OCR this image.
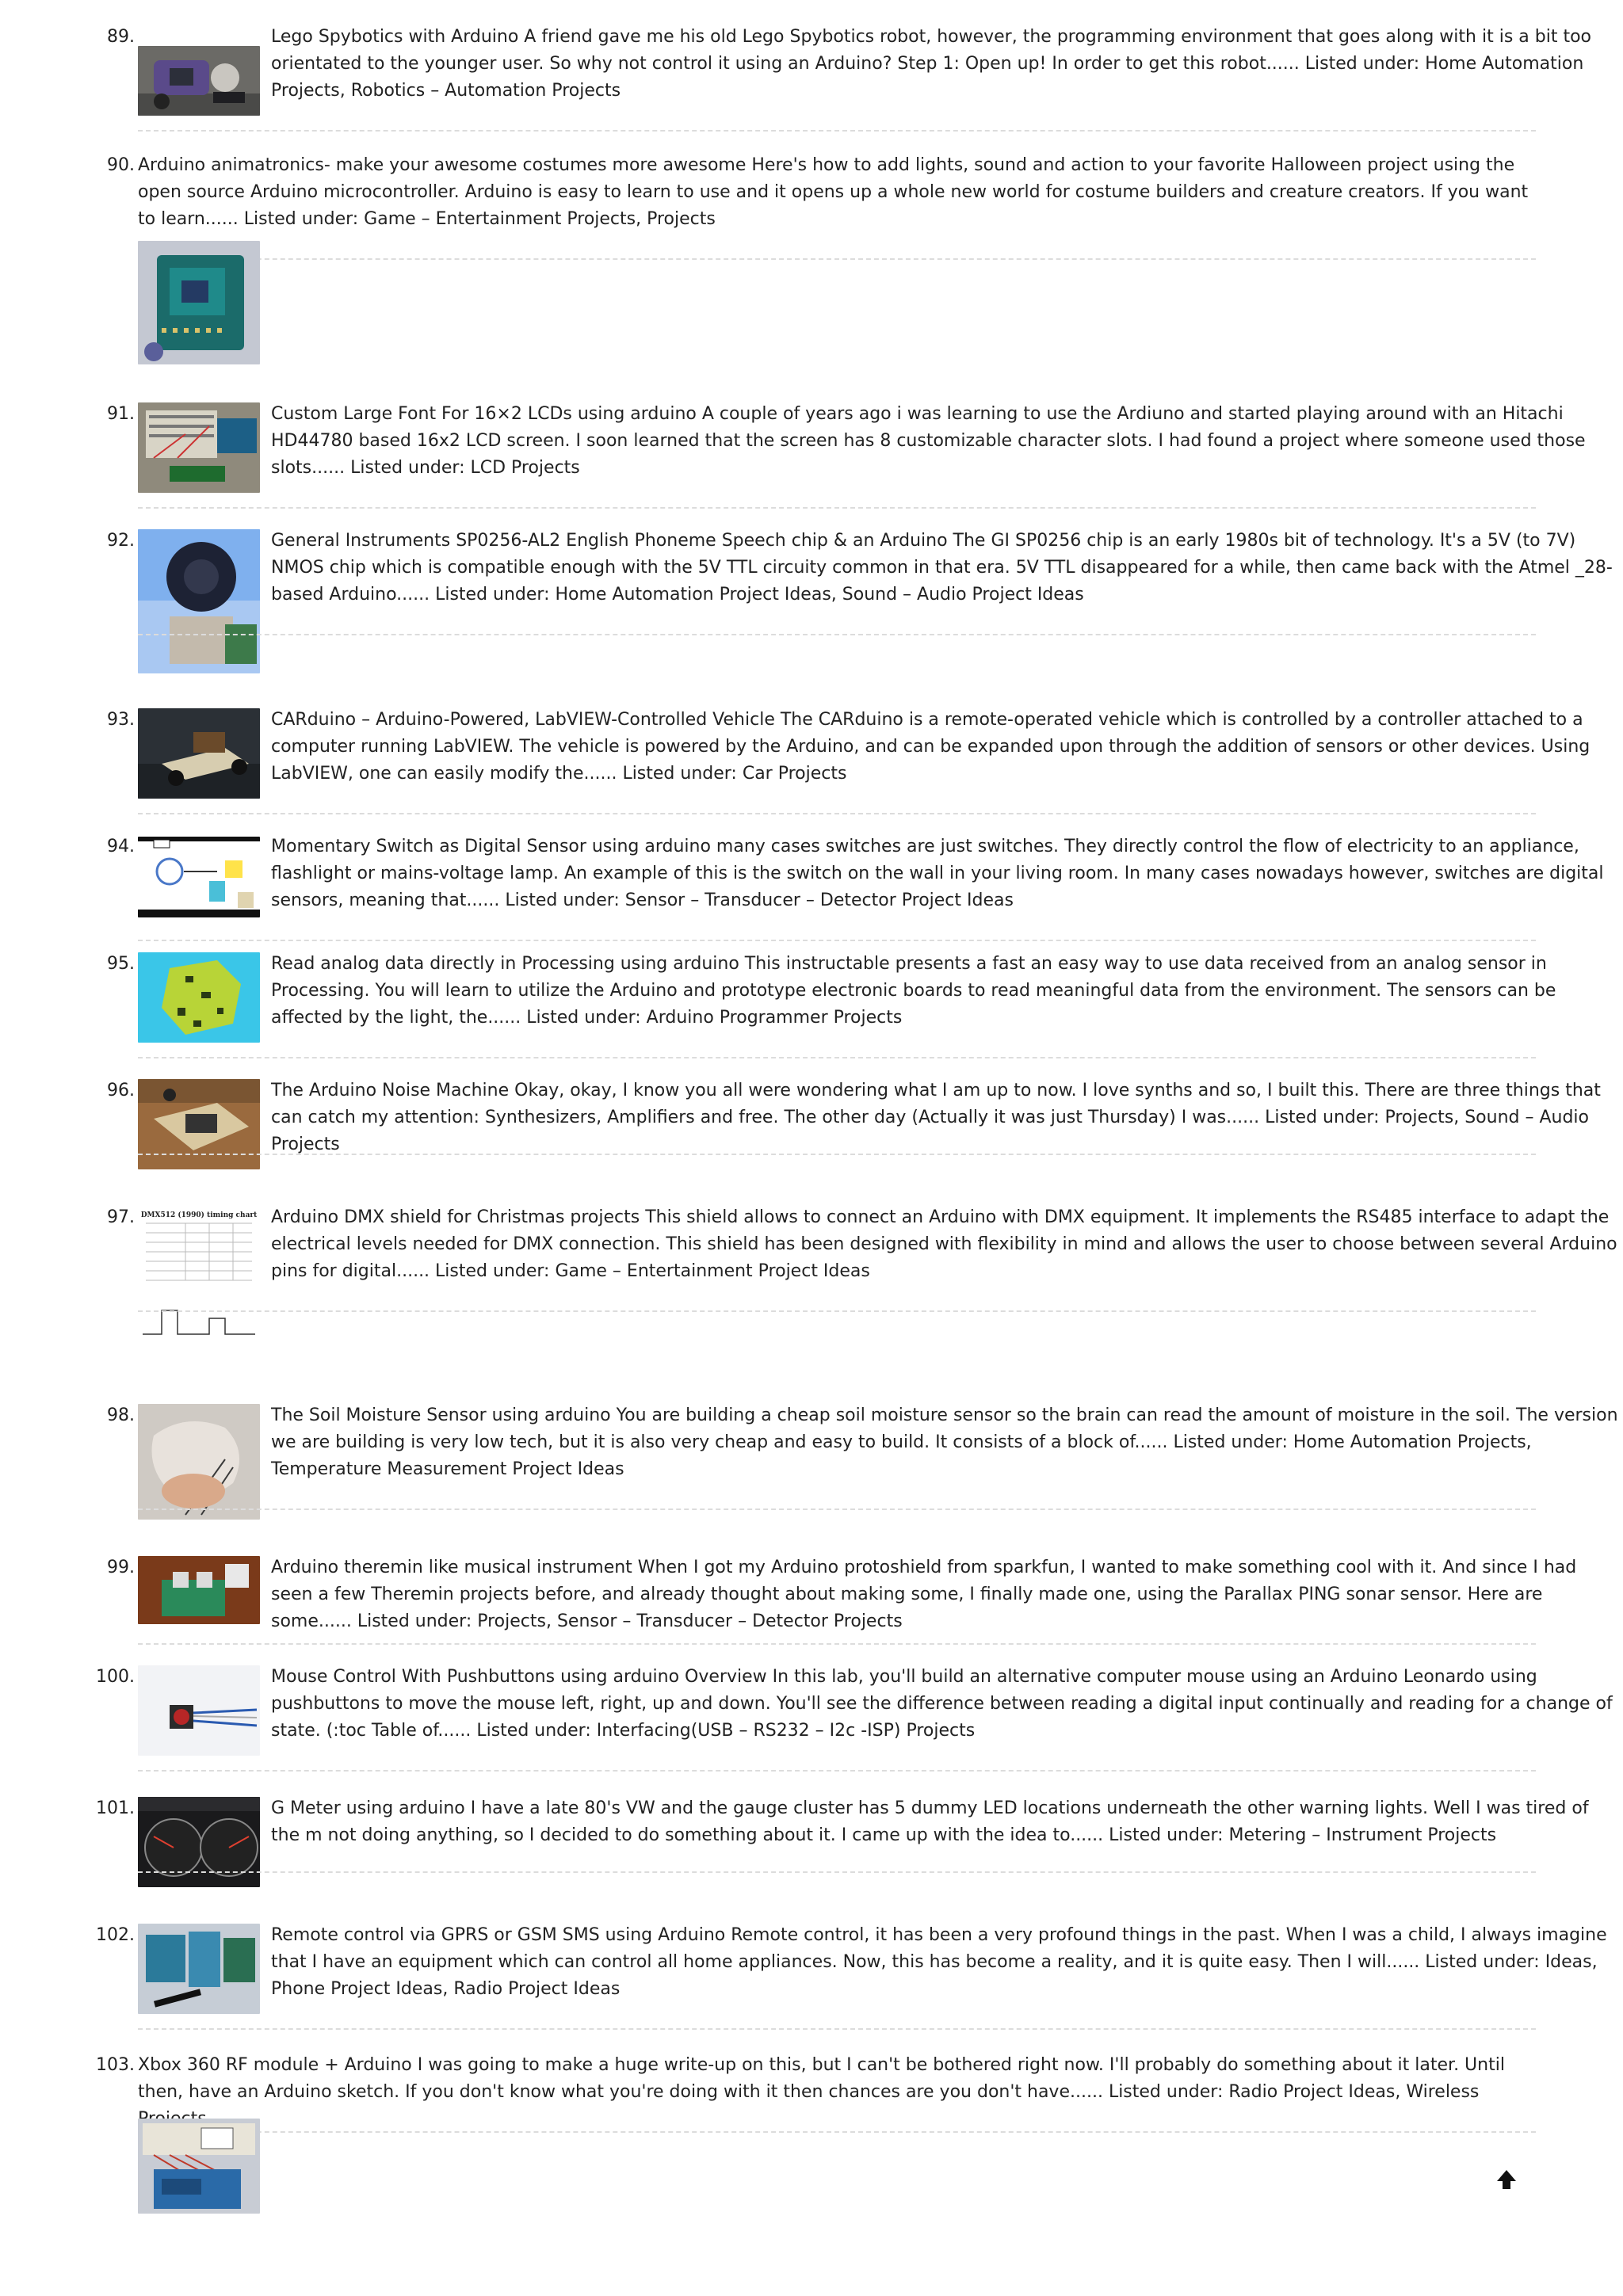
89.	Lego Spybotics with Arduino A friend gave me his old Lego Spybotics robot, however, the programming environment that goes along with it is a bit too orientated to the younger user. So why not control it using an Arduino? Step 1: Open up! In order to get this robot...... Listed under: Home Automation Projects, Robotics – Automation Projects

90. Arduino animatronics- make your awesome costumes more awesome Here's how to add lights, sound and action to your favorite Halloween project using the open source Arduino microcontroller. Arduino is easy to learn to use and it opens up a whole new world for costume builders and creature creators. If you want to learn...... Listed under: Game – Entertainment Projects, Projects

91.	Custom Large Font For 16×2 LCDs using arduino A couple of years ago i was learning to use the Ardiuno and started playing around with an Hitachi HD44780 based 16x2 LCD screen. I soon learned that the screen has 8 customizable character slots. I had found a project where someone used those slots...... Listed under: LCD Projects

92.	General Instruments SP0256-AL2 English Phoneme Speech chip & an Arduino The GI SP0256 chip is an early 1980s bit of technology. It's a 5V (to 7V) NMOS chip which is compatible enough with the 5V TTL circuity common in that era. 5V TTL disappeared for a while, then came back with the Atmel _28-based Arduino...... Listed under: Home Automation Project Ideas, Sound – Audio Project Ideas

93.	CARduino – Arduino-Powered, LabVIEW-Controlled Vehicle The CARduino is a remote-operated vehicle which is controlled by a controller attached to a computer running LabVIEW. The vehicle is powered by the Arduino, and can be expanded upon through the addition of sensors or other devices. Using LabVIEW, one can easily modify the...... Listed under: Car Projects

94.	Momentary Switch as Digital Sensor using arduino many cases switches are just switches. They directly control the flow of electricity to an appliance, flashlight or mains-voltage lamp. An example of this is the switch on the wall in your living room. In many cases nowadays however, switches are digital sensors, meaning that...... Listed under: Sensor – Transducer – Detector Project Ideas

95.	Read analog data directly in Processing using arduino This instructable presents a fast an easy way to use data received from an analog sensor in Processing. You will learn to utilize the Arduino and prototype electronic boards to read meaningful data from the environment. The sensors can be affected by the light, the...... Listed under: Arduino Programmer Projects

96.	The Arduino Noise Machine Okay, okay, I know you all were wondering what I am up to now. I love synths and so, I built this. There are three things that can catch my attention: Synthesizers, Amplifiers and free. The other day (Actually it was just Thursday) I was...... Listed under: Projects, Sound – Audio Projects

97. DMX512 (1990) timing chart Arduino DMX shield for Christmas projects This shield allows to connect an Arduino with DMX equipment. It implements the RS485 interface to adapt the electrical levels needed for DMX connection. This shield has been designed with flexibility in mind and allows the user to choose between several Arduino pins for digital...... Listed under: Game – Entertainment Project Ideas

98.	The Soil Moisture Sensor using arduino You are building a cheap soil moisture sensor so the brain can read the amount of moisture in the soil. The version we are building is very low tech, but it is also very cheap and easy to build. It consists of a block of...... Listed under: Home Automation Projects, Temperature Measurement Project Ideas

99.	Arduino theremin like musical instrument When I got my Arduino protoshield from sparkfun, I wanted to make something cool with it. And since I had seen a few Theremin projects before, and already thought about making some, I finally made one, using the Parallax PING sonar sensor. Here are some...... Listed under: Projects, Sensor – Transducer – Detector Projects

100.	Mouse Control With Pushbuttons using arduino Overview In this lab, you'll build an alternative computer mouse using an Arduino Leonardo using pushbuttons to move the mouse left, right, up and down. You'll see the difference between reading a digital input continually and reading for a change of state. (:toc Table of...... Listed under: Interfacing(USB – RS232 – I2c -ISP) Projects

101.	G Meter using arduino I have a late 80's VW and the gauge cluster has 5 dummy LED locations underneath the other warning lights. Well I was tired of the m not doing anything, so I decided to do something about it. I came up with the idea to...... Listed under: Metering – Instrument Projects

102.	Remote control via GPRS or GSM SMS using Arduino Remote control, it has been a very profound things in the past. When I was a child, I always imagine that I have an equipment which can control all home appliances. Now, this has become a reality, and it is quite easy. Then I will...... Listed under: Ideas, Phone Project Ideas, Radio Project Ideas

103. Xbox 360 RF module + Arduino I was going to make a huge write-up on this, but I can't be bothered right now. I'll probably do something about it later. Until then, have an Arduino sketch. If you don't know what you're doing with it then chances are you don't have...... Listed under: Radio Project Ideas, Wireless
